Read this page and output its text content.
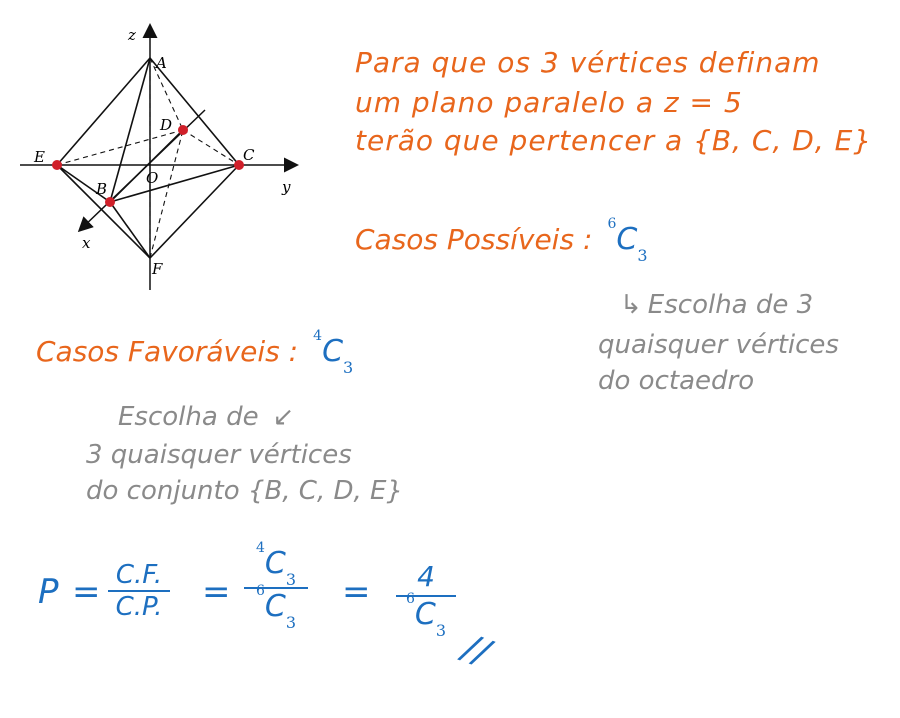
z
y
x
A
B
C
D
E
F
O
Para que os 3 vértices definam
um plano paralelo a z = 5
terão que pertencer a {B, C, D, E}
Casos Possíveis : $^6C_3$
↳ Escolha de 3
quaisquer vértices
do octaedro
Casos Favoráveis : $^4C_3$
Escolha de ↙
3 quaisquer vértices
do conjunto {B, C, D, E}
P = C.F.
C.P. =
$^4C_3$
$^6C_3$
= 4
$^6C_3$ //
